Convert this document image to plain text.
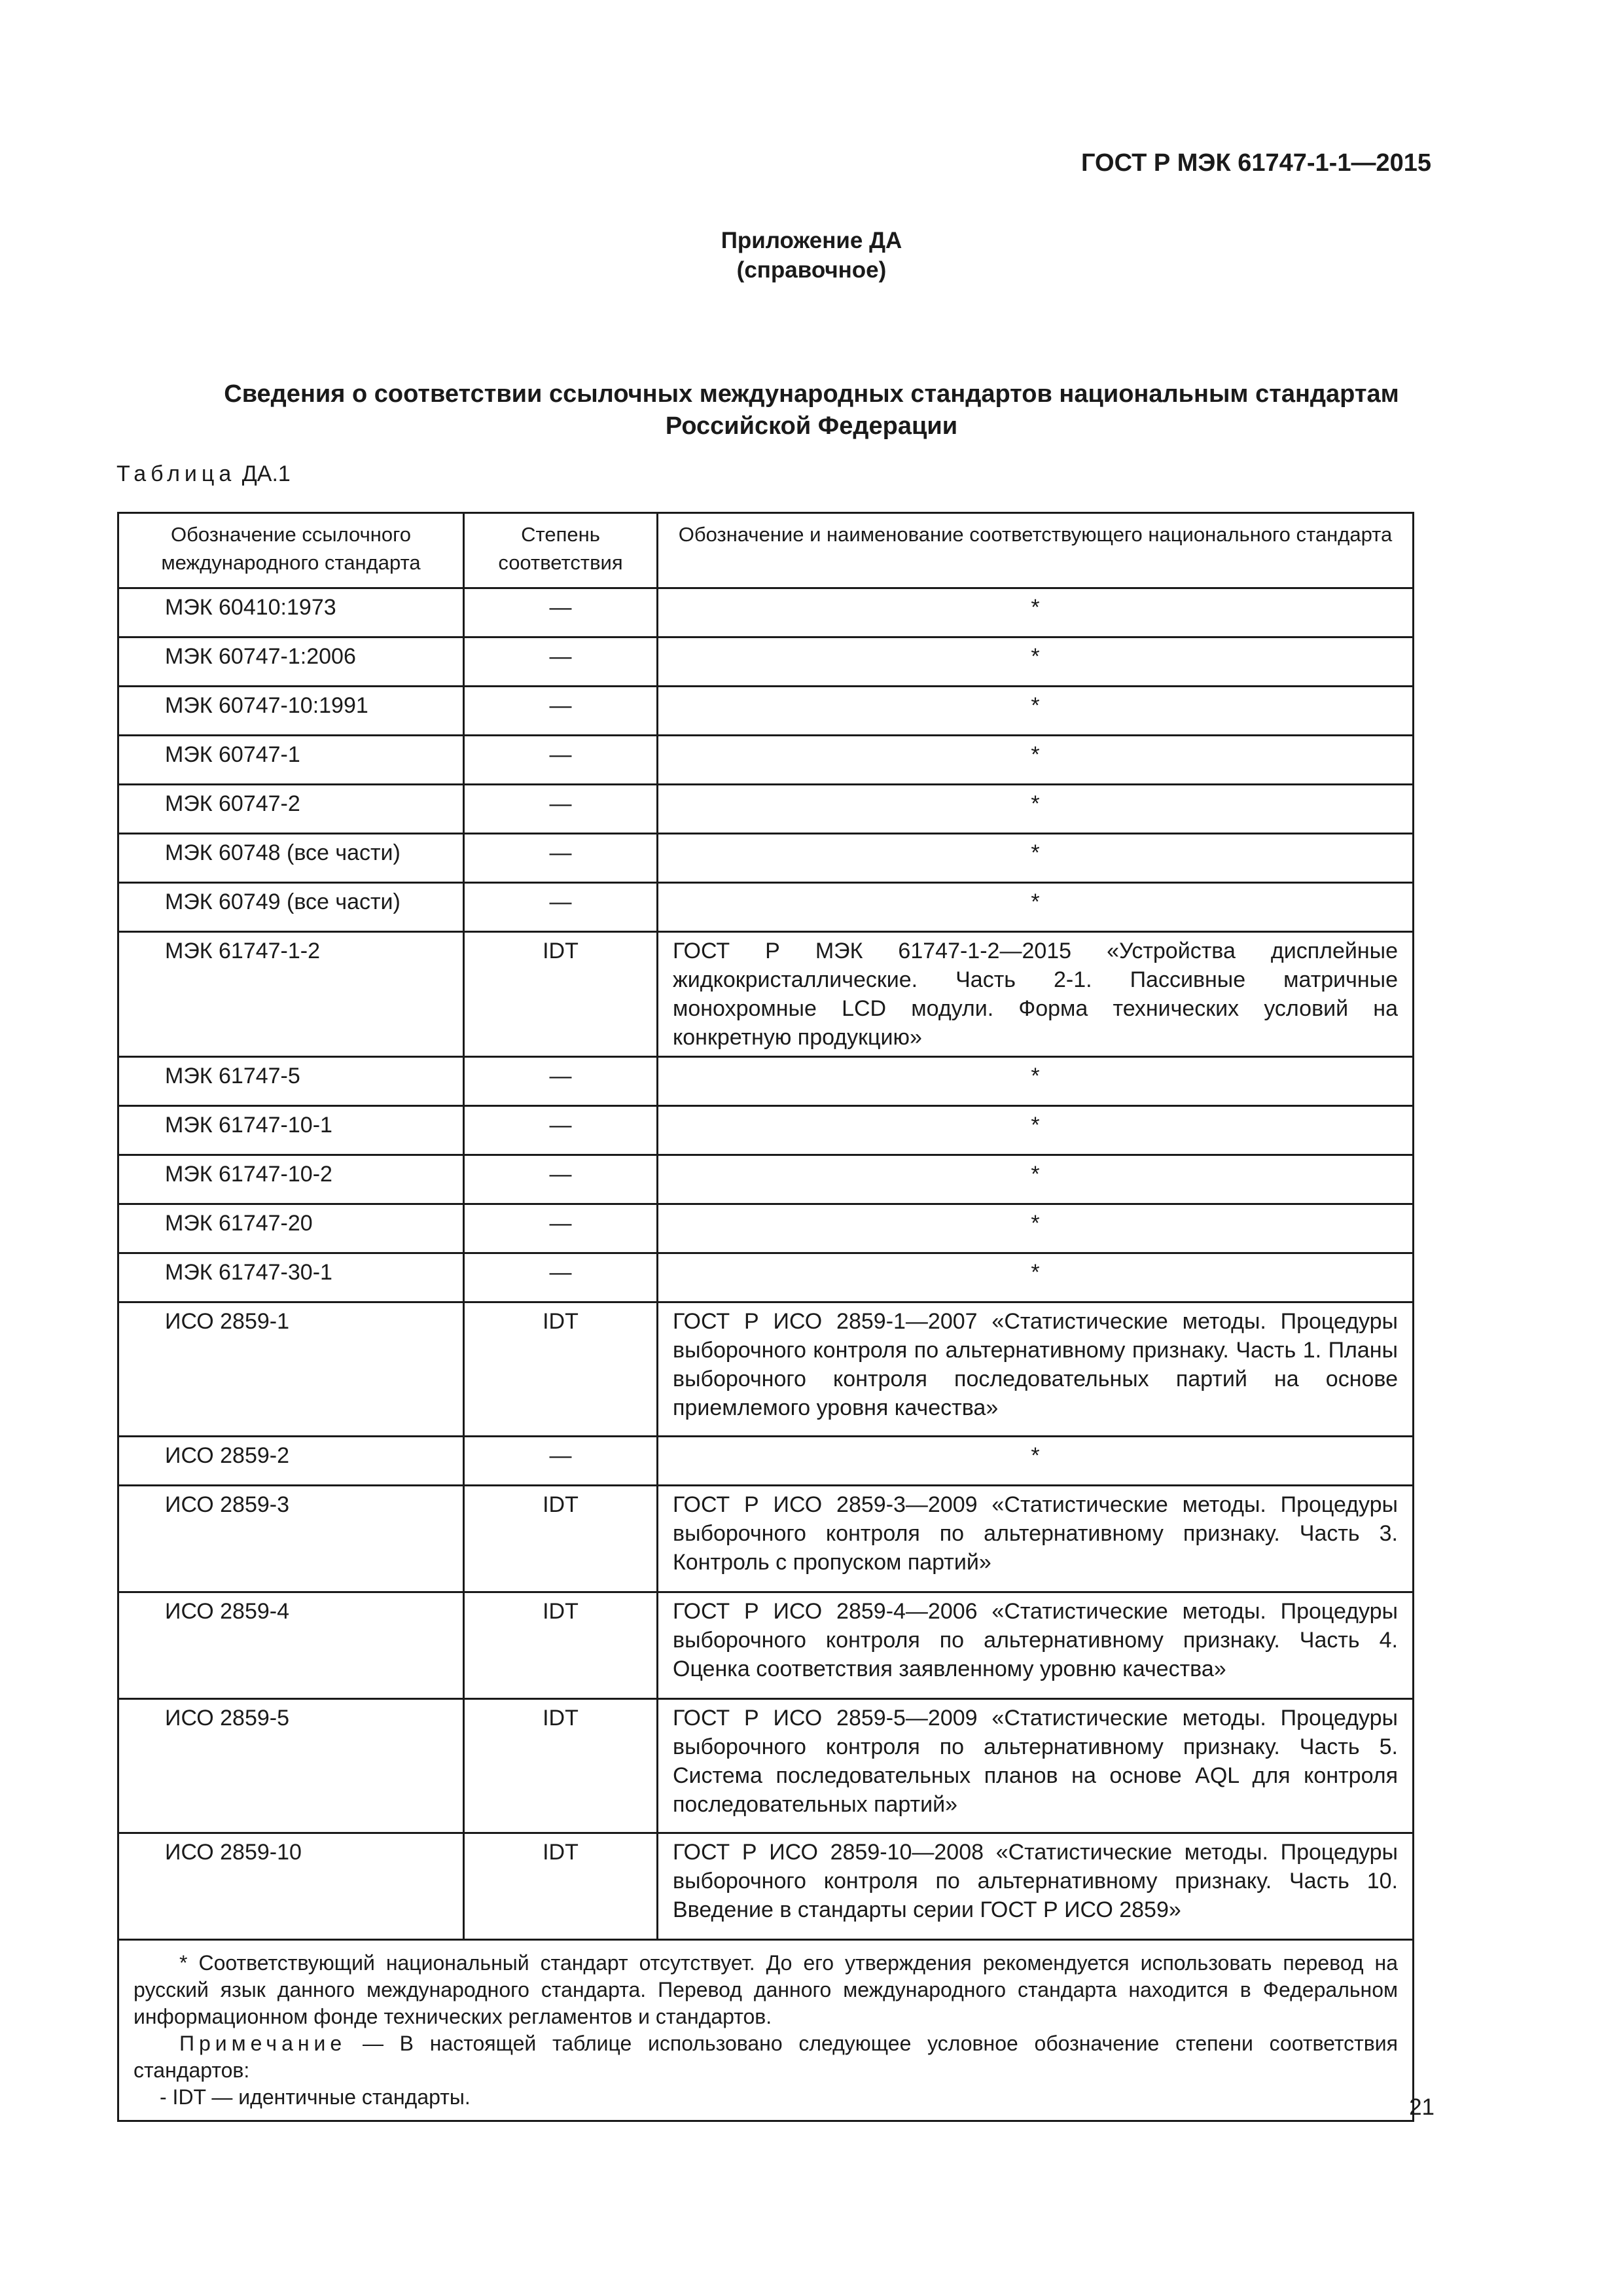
ГОСТ Р МЭК 61747-1-1—2015
Приложение ДА
(справочное)
Сведения о соответствии ссылочных международных стандартов национальным стандартам
Российской Федерации
Таблица ДА.1
Обозначение ссылочного международного стандарта	Степень соответствия	Обозначение и наименование соответствующего национального стандарта
МЭК 60410:1973	—	*
МЭК 60747-1:2006	—	*
МЭК 60747-10:1991	—	*
МЭК 60747-1	—	*
МЭК 60747-2	—	*
МЭК 60748 (все части)	—	*
МЭК 60749 (все части)	—	*
МЭК 61747-1-2	IDT	ГОСТ Р МЭК 61747-1-2—2015 «Устройства дисплейные жидкокристаллические. Часть 2-1. Пассивные матричные монохромные LCD модули. Форма технических условий на конкретную продукцию»
МЭК 61747-5	—	*
МЭК 61747-10-1	—	*
МЭК 61747-10-2	—	*
МЭК 61747-20	—	*
МЭК 61747-30-1	—	*
ИСО 2859-1	IDT	ГОСТ Р ИСО 2859-1—2007 «Статистические методы. Процедуры выборочного контроля по альтернативному признаку. Часть 1. Планы выборочного контроля последовательных партий на основе приемлемого уровня качества»
ИСО 2859-2	—	*
ИСО 2859-3	IDT	ГОСТ Р ИСО 2859-3—2009 «Статистические методы. Процедуры выборочного контроля по альтернативному признаку. Часть 3. Контроль с пропуском партий»
ИСО 2859-4	IDT	ГОСТ Р ИСО 2859-4—2006 «Статистические методы. Процедуры выборочного контроля по альтернативному признаку. Часть 4. Оценка соответствия заявленному уровню качества»
ИСО 2859-5	IDT	ГОСТ Р ИСО 2859-5—2009 «Статистические методы. Процедуры выборочного контроля по альтернативному признаку. Часть 5. Система последовательных планов на основе AQL для контроля последовательных партий»
ИСО 2859-10	IDT	ГОСТ Р ИСО 2859-10—2008 «Статистические методы. Процедуры выборочного контроля по альтернативному признаку. Часть 10. Введение в стандарты серии ГОСТ Р ИСО 2859»

* Соответствующий национальный стандарт отсутствует. До его утверждения рекомендуется использовать перевод на русский язык данного международного стандарта. Перевод данного международного стандарта находится в Федеральном информационном фонде технических регламентов и стандартов.
Примечание — В настоящей таблице использовано следующее условное обозначение степени соответствия стандартов:
- IDT — идентичные стандарты.			21
